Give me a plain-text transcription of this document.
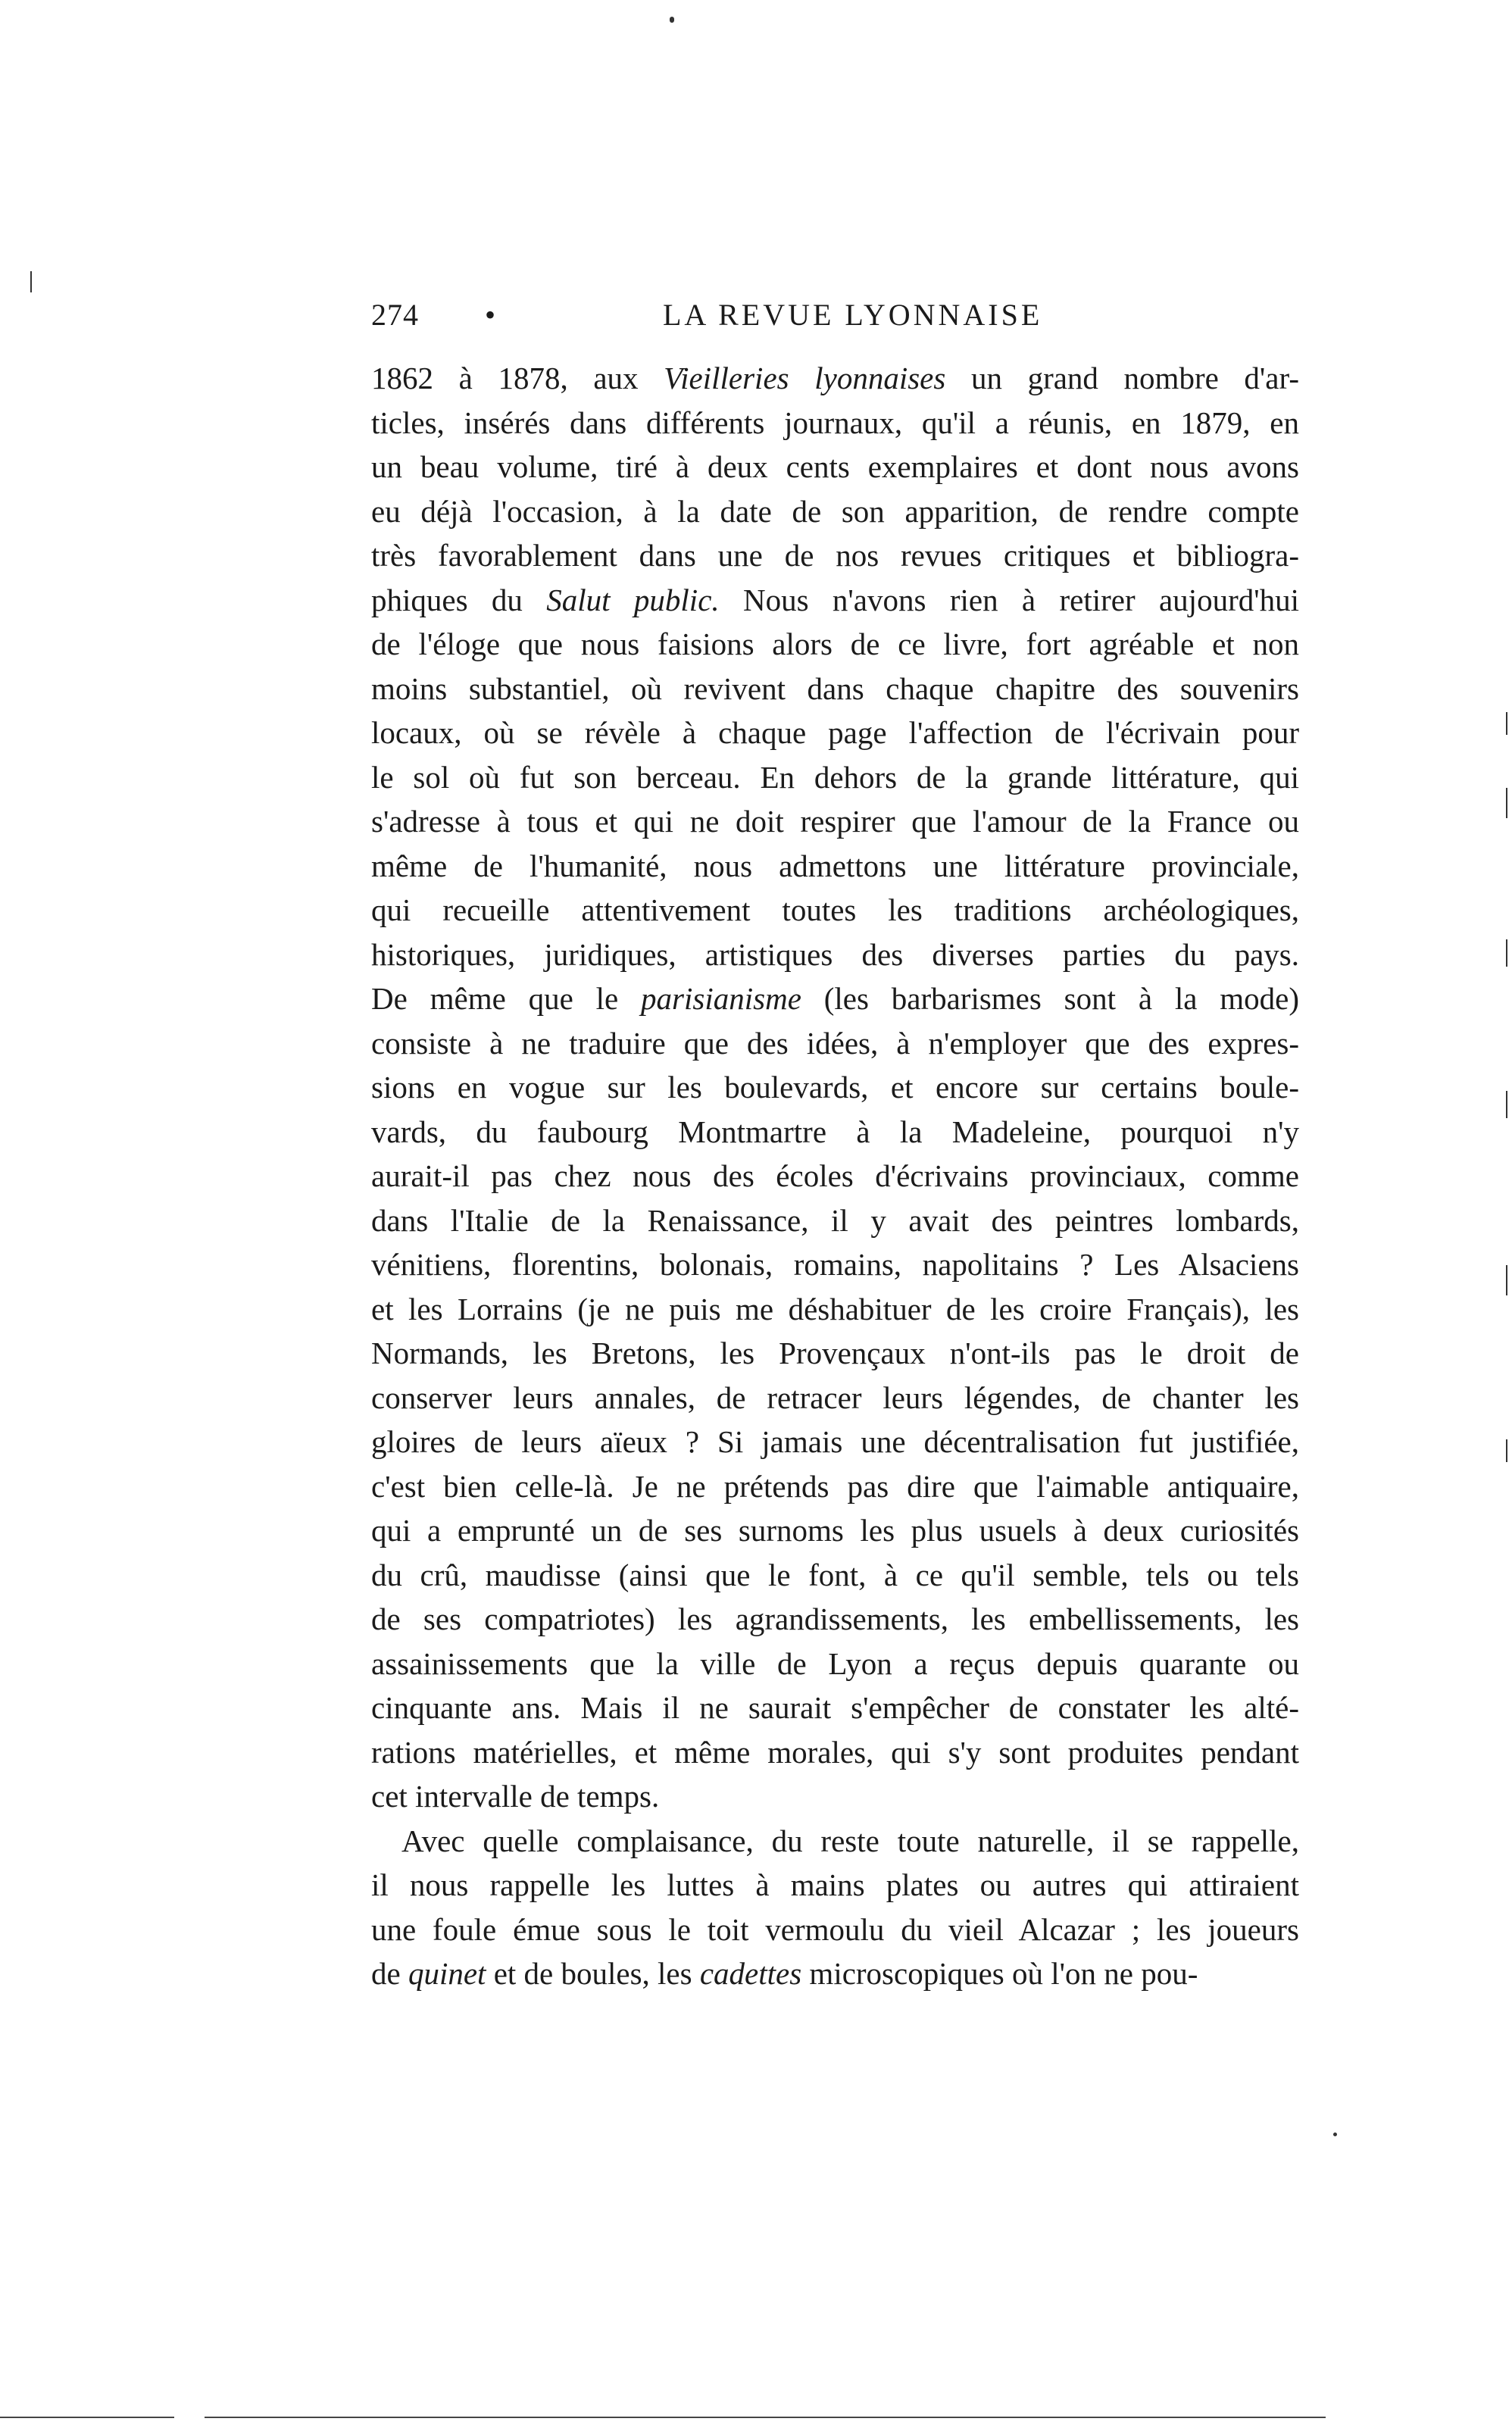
274 •	LA REVUE LYONNAISE
1862 à 1878, aux Vieilleries lyonnaises un grand nombre d'ar-
ticles, insérés dans différents journaux, qu'il a réunis, en 1879, en
un beau volume, tiré à deux cents exemplaires et dont nous avons
eu déjà l'occasion, à la date de son apparition, de rendre compte
très favorablement dans une de nos revues critiques et bibliogra-
phiques du Salut public. Nous n'avons rien à retirer aujourd'hui
de l'éloge que nous faisions alors de ce livre, fort agréable et non
moins substantiel, où revivent dans chaque chapitre des souvenirs
locaux, où se révèle à chaque page l'affection de l'écrivain pour
le sol où fut son berceau. En dehors de la grande littérature, qui
s'adresse à tous et qui ne doit respirer que l'amour de la France ou
même de l'humanité, nous admettons une littérature provinciale,
qui recueille attentivement toutes les traditions archéologiques,
historiques, juridiques, artistiques des diverses parties du pays.
De même que le parisianisme (les barbarismes sont à la mode)
consiste à ne traduire que des idées, à n'employer que des expres-
sions en vogue sur les boulevards, et encore sur certains boule-
vards, du faubourg Montmartre à la Madeleine, pourquoi n'y
aurait-il pas chez nous des écoles d'écrivains provinciaux, comme
dans l'Italie de la Renaissance, il y avait des peintres lombards,
vénitiens, florentins, bolonais, romains, napolitains ? Les Alsaciens
et les Lorrains (je ne puis me déshabituer de les croire Français), les
Normands, les Bretons, les Provençaux n'ont-ils pas le droit de
conserver leurs annales, de retracer leurs légendes, de chanter les
gloires de leurs aïeux ? Si jamais une décentralisation fut justifiée,
c'est bien celle-là. Je ne prétends pas dire que l'aimable antiquaire,
qui a emprunté un de ses surnoms les plus usuels à deux curiosités
du crû, maudisse (ainsi que le font, à ce qu'il semble, tels ou tels
de ses compatriotes) les agrandissements, les embellissements, les
assainissements que la ville de Lyon a reçus depuis quarante ou
cinquante ans. Mais il ne saurait s'empêcher de constater les alté-
rations matérielles, et même morales, qui s'y sont produites pendant
cet intervalle de temps.
Avec quelle complaisance, du reste toute naturelle, il se rappelle,
il nous rappelle les luttes à mains plates ou autres qui attiraient
une foule émue sous le toit vermoulu du vieil Alcazar ; les joueurs
de quinet et de boules, les cadettes microscopiques où l'on ne pou-
